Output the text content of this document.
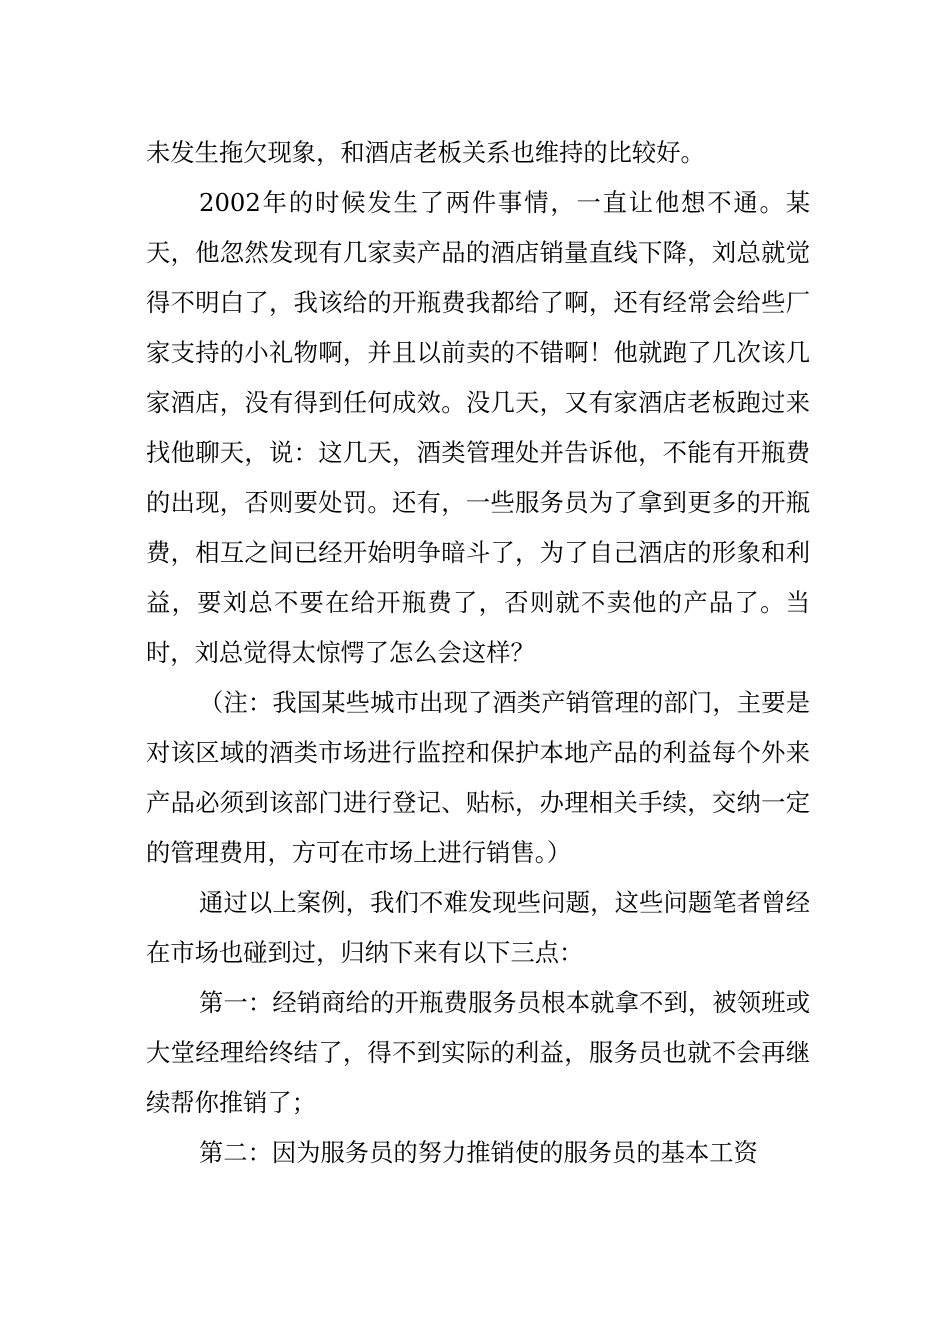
未发生拖欠现象，和酒店老板关系也维持的比较好。

2002年的时候发生了两件事情，一直让他想不通。某天，他忽然发现有几家卖产品的酒店销量直线下降，刘总就觉得不明白了，我该给的开瓶费我都给了啊，还有经常会给些厂家支持的小礼物啊，并且以前卖的不错啊！他就跑了几次该几家酒店，没有得到任何成效。没几天，又有家酒店老板跑过来找他聊天，说：这几天，酒类管理处并告诉他，不能有开瓶费的出现，否则要处罚。还有，一些服务员为了拿到更多的开瓶费，相互之间已经开始明争暗斗了，为了自己酒店的形象和利益，要刘总不要在给开瓶费了，否则就不卖他的产品了。当时，刘总觉得太惊愕了怎么会这样？

（注：我国某些城市出现了酒类产销管理的部门，主要是对该区域的酒类市场进行监控和保护本地产品的利益每个外来产品必须到该部门进行登记、贴标，办理相关手续，交纳一定的管理费用，方可在市场上进行销售。）

通过以上案例，我们不难发现些问题，这些问题笔者曾经在市场也碰到过，归纳下来有以下三点：

第一：经销商给的开瓶费服务员根本就拿不到，被领班或大堂经理给终结了，得不到实际的利益，服务员也就不会再继续帮你推销了；

第二：因为服务员的努力推销使的服务员的基本工资
